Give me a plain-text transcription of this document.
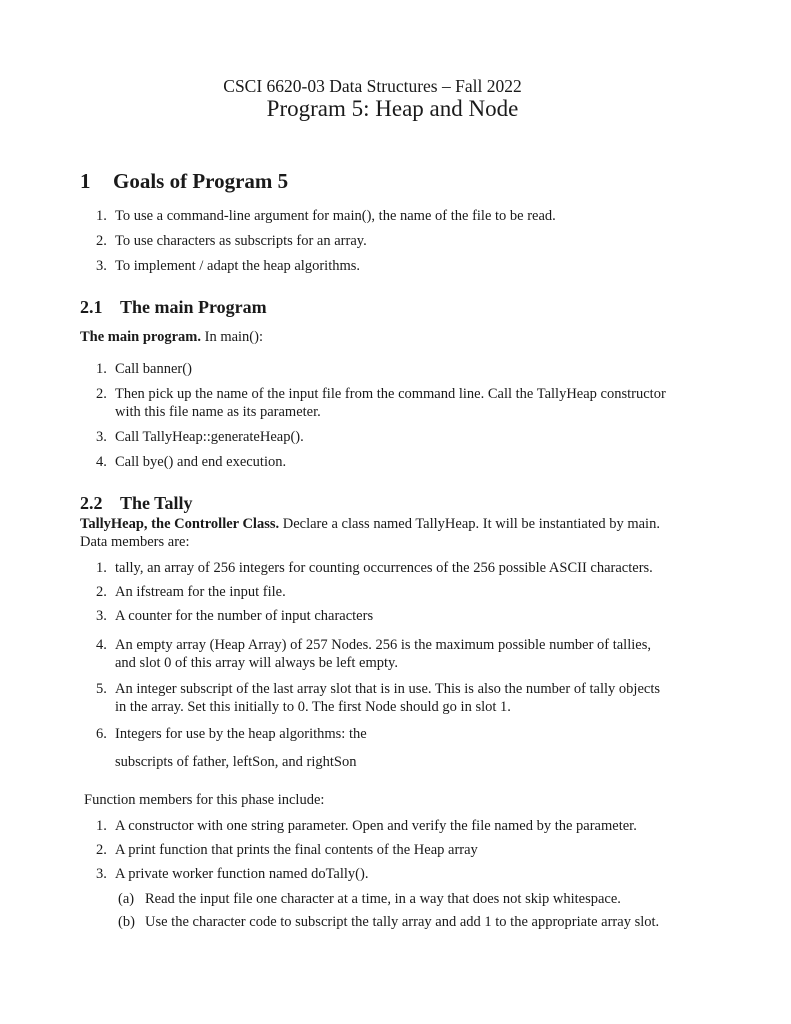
CSCI 6620-03 Data Structures – Fall 2022
Program 5: Heap and Node
1 Goals of Program 5
1. To use a command-line argument for main(), the name of the file to be read.
2. To use characters as subscripts for an array.
3. To implement / adapt the heap algorithms.
2.1 The main Program
The main program. In main():
1. Call banner()
2. Then pick up the name of the input file from the command line. Call the TallyHeap constructor
with this file name as its parameter.
3. Call TallyHeap::generateHeap().
4. Call bye() and end execution.
2.2 The Tally
TallyHeap, the Controller Class. Declare a class named TallyHeap. It will be instantiated by main.
Data members are:
1. tally, an array of 256 integers for counting occurrences of the 256 possible ASCII characters.
2. An ifstream for the input file.
3. A counter for the number of input characters
4. An empty array (Heap Array) of 257 Nodes. 256 is the maximum possible number of tallies,
and slot 0 of this array will always be left empty.
5. An integer subscript of the last array slot that is in use. This is also the number of tally objects
in the array. Set this initially to 0. The first Node should go in slot 1.
6. Integers for use by the heap algorithms: the
subscripts of father, leftSon, and rightSon
Function members for this phase include:
1. A constructor with one string parameter. Open and verify the file named by the parameter.
2. A print function that prints the final contents of the Heap array
3. A private worker function named doTally().
(a) Read the input file one character at a time, in a way that does not skip whitespace.
(b) Use the character code to subscript the tally array and add 1 to the appropriate array slot.
